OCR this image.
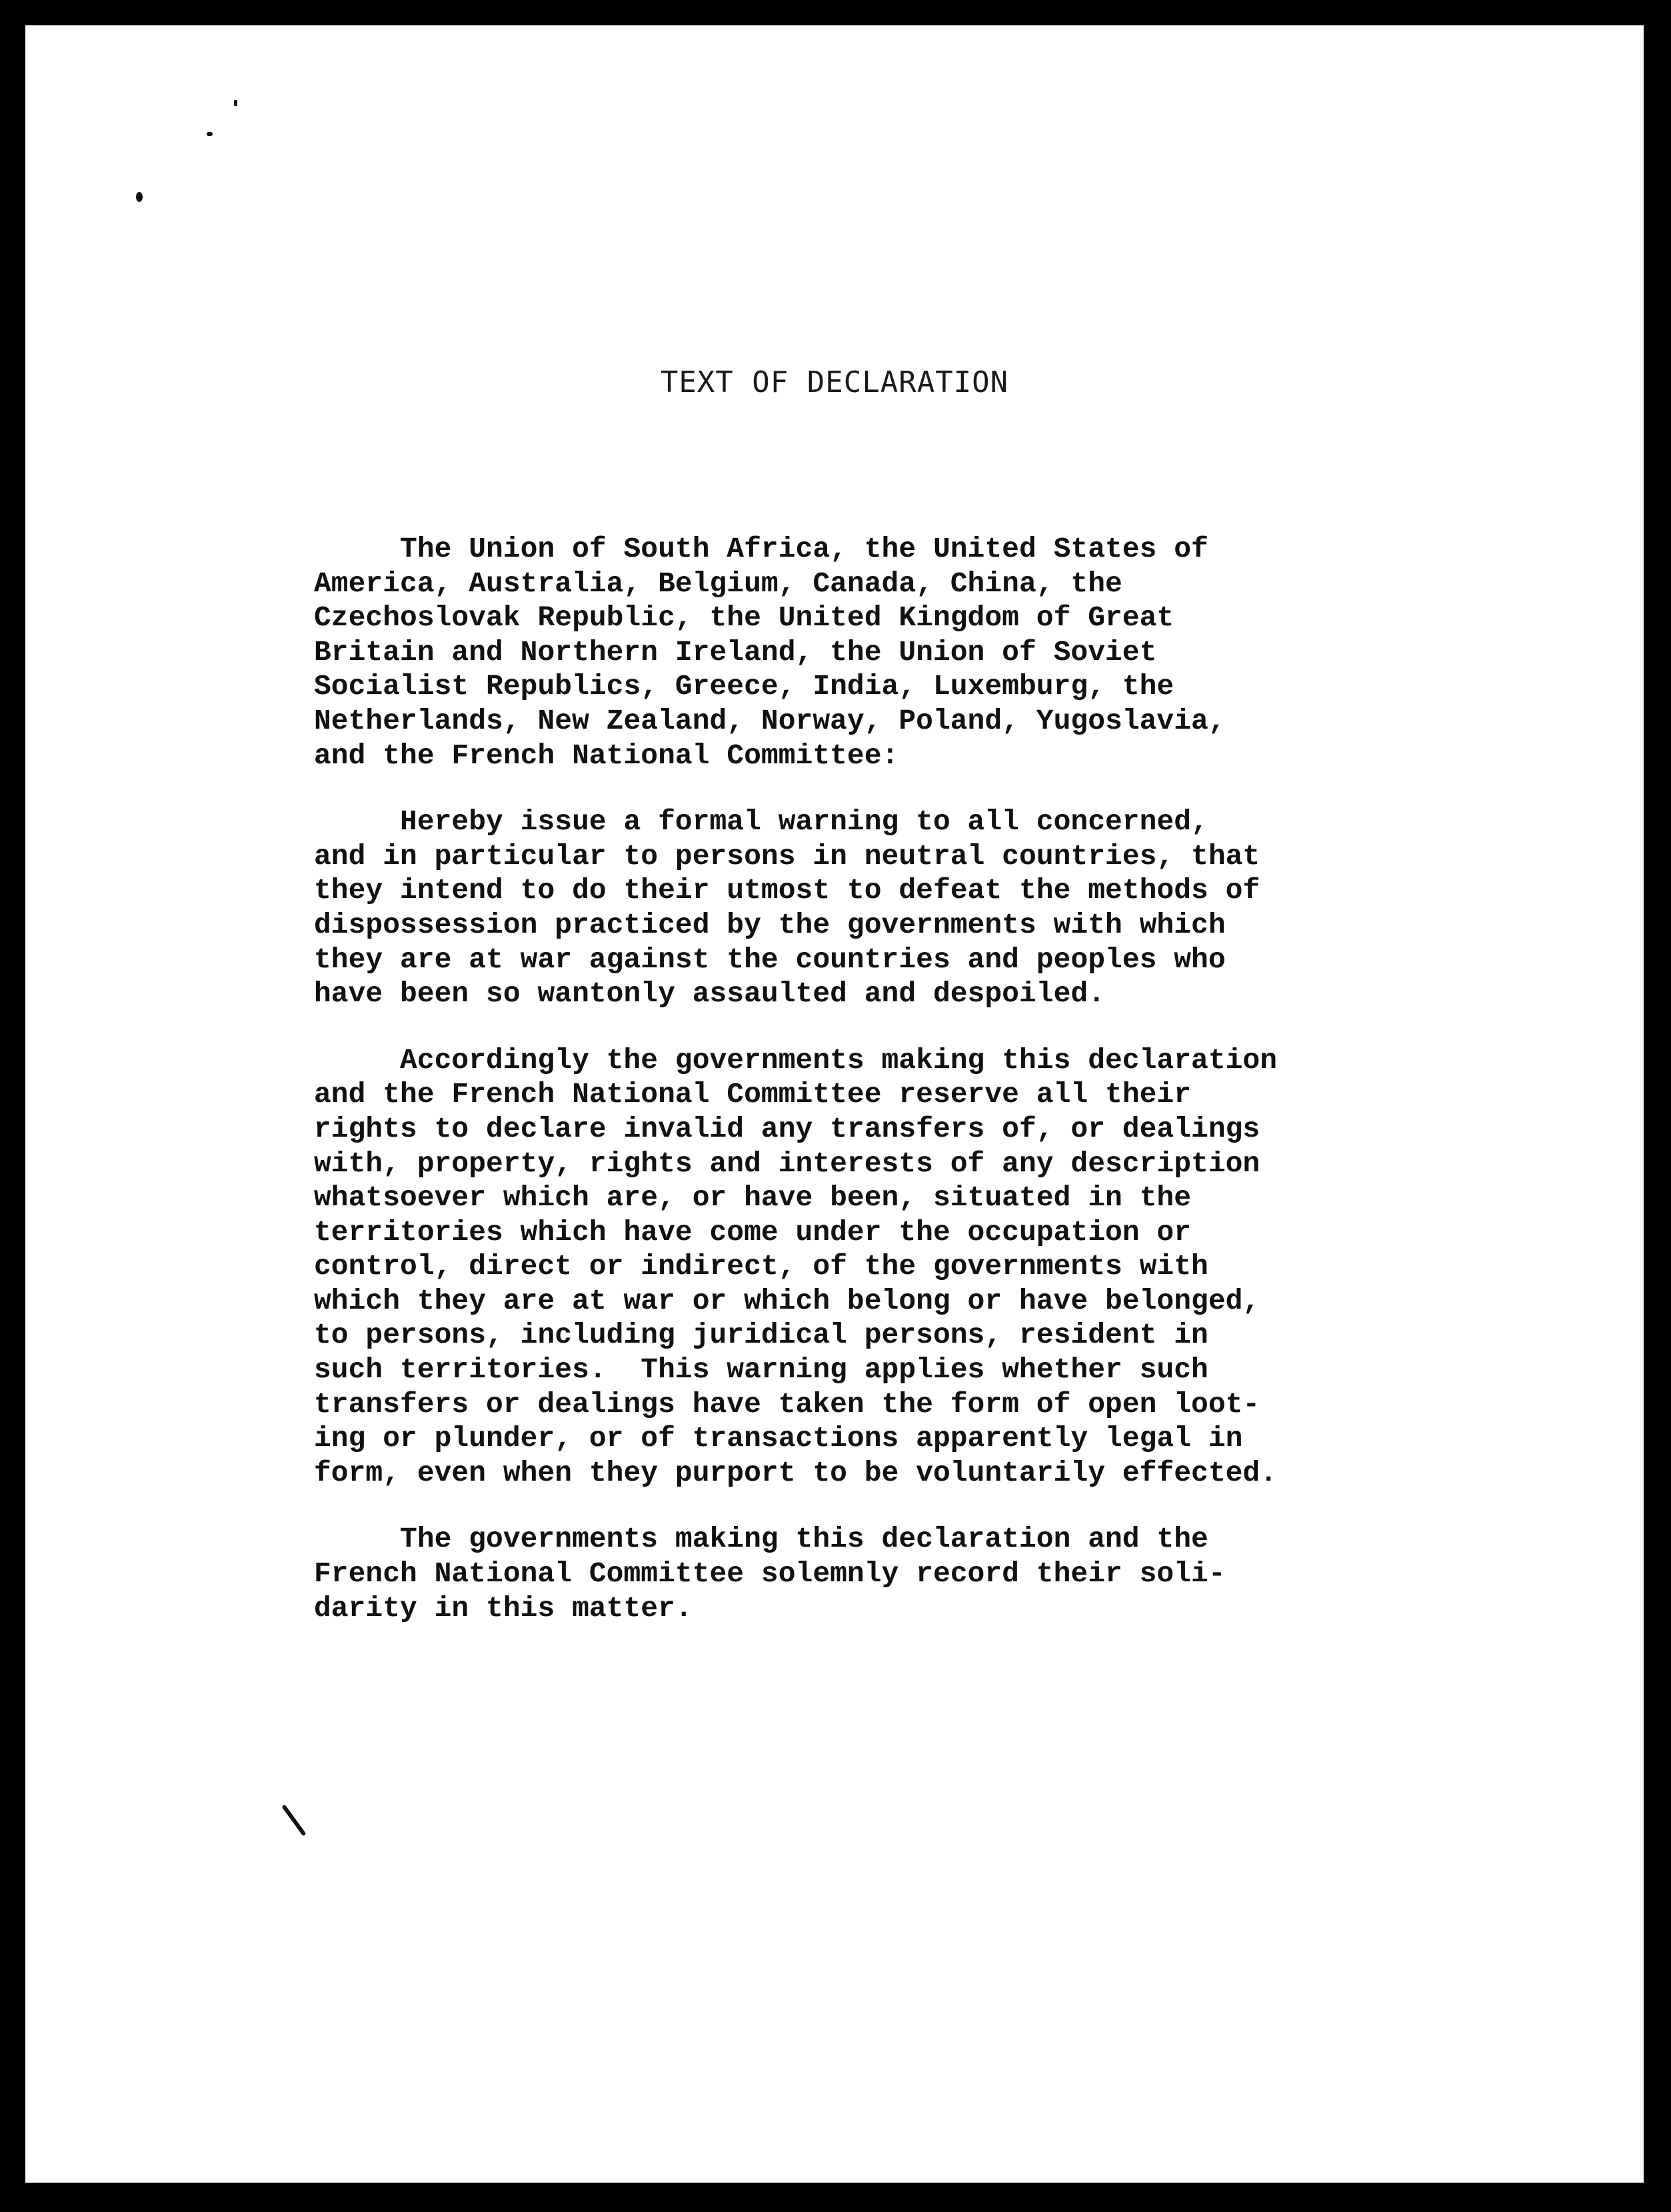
TEXT OF DECLARATION
The Union of South Africa, the United States of
America, Australia, Belgium, Canada, China, the
Czechoslovak Republic, the United Kingdom of Great
Britain and Northern Ireland, the Union of Soviet
Socialist Republics, Greece, India, Luxemburg, the
Netherlands, New Zealand, Norway, Poland, Yugoslavia,
and the French National Committee:
Hereby issue a formal warning to all concerned,
and in particular to persons in neutral countries, that
they intend to do their utmost to defeat the methods of
dispossession practiced by the governments with which
they are at war against the countries and peoples who
have been so wantonly assaulted and despoiled.
Accordingly the governments making this declaration
and the French National Committee reserve all their
rights to declare invalid any transfers of, or dealings
with, property, rights and interests of any description
whatsoever which are, or have been, situated in the
territories which have come under the occupation or
control, direct or indirect, of the governments with
which they are at war or which belong or have belonged,
to persons, including juridical persons, resident in
such territories.  This warning applies whether such
transfers or dealings have taken the form of open loot-
ing or plunder, or of transactions apparently legal in
form, even when they purport to be voluntarily effected.
The governments making this declaration and the
French National Committee solemnly record their soli-
darity in this matter.
